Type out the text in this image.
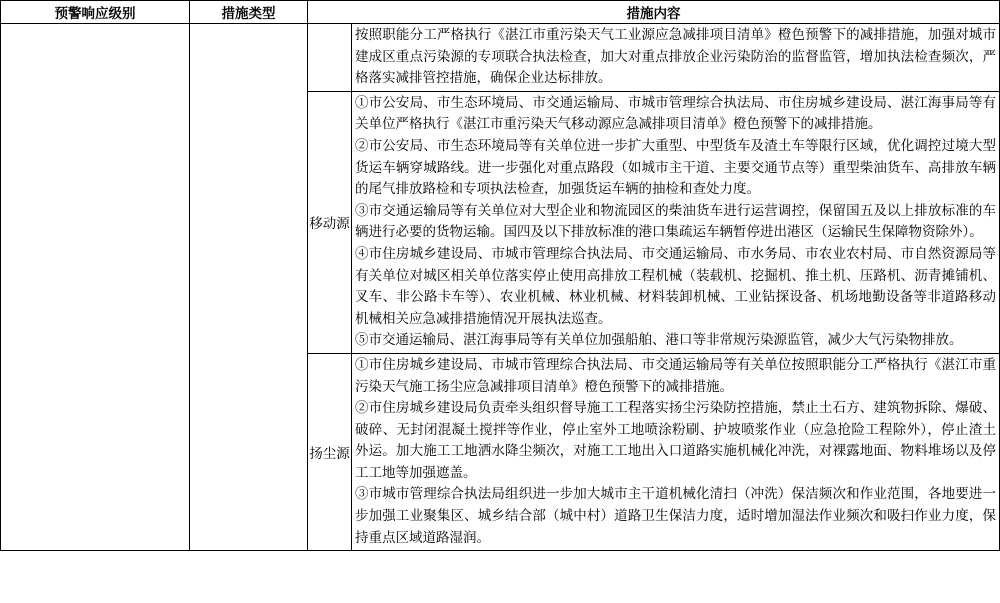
预警响应级别	措施类型	措施内容	

			按照职能分工严格执行《湛江市重污染天气工业源应急减排项目清单》橙色预警下的减排措施，加强对城市建成区重点污染源的专项联合执法检查，加大对重点排放企业污染防治的监督监管，增加执法检查频次，严格落实减排管控措施，确保企业达标排放。

		移动源	①市公安局、市生态环境局、市交通运输局、市城市管理综合执法局、市住房城乡建设局、湛江海事局等有关单位严格执行《湛江市重污染天气移动源应急减排项目清单》橙色预警下的减排措施。
②市公安局、市生态环境局等有关单位进一步扩大重型、中型货车及渣土车等限行区域，优化调控过境大型货运车辆穿城路线。进一步强化对重点路段（如城市主干道、主要交通节点等）重型柴油货车、高排放车辆的尾气排放路检和专项执法检查，加强货运车辆的抽检和查处力度。
③市交通运输局等有关单位对大型企业和物流园区的柴油货车进行运营调控，保留国五及以上排放标准的车辆进行必要的货物运输。国四及以下排放标准的港口集疏运车辆暂停进出港区（运输民生保障物资除外）。
④市住房城乡建设局、市城市管理综合执法局、市交通运输局、市水务局、市农业农村局、市自然资源局等有关单位对城区相关单位落实停止使用高排放工程机械（装载机、挖掘机、推土机、压路机、沥青摊铺机、叉车、非公路卡车等）、农业机械、林业机械、材料装卸机械、工业钻探设备、机场地勤设备等非道路移动机械相关应急减排措施情况开展执法巡查。
⑤市交通运输局、湛江海事局等有关单位加强船舶、港口等非常规污染源监管，减少大气污染物排放。

		扬尘源	①市住房城乡建设局、市城市管理综合执法局、市交通运输局等有关单位按照职能分工严格执行《湛江市重污染天气施工扬尘应急减排项目清单》橙色预警下的减排措施。
②市住房城乡建设局负责牵头组织督导施工工程落实扬尘污染防控措施，禁止土石方、建筑物拆除、爆破、破碎、无封闭混凝土搅拌等作业，停止室外工地喷涂粉刷、护坡喷浆作业（应急抢险工程除外），停止渣土外运。加大施工工地洒水降尘频次，对施工工地出入口道路实施机械化冲洗，对裸露地面、物料堆场以及停工工地等加强遮盖。
③市城市管理综合执法局组织进一步加大城市主干道机械化清扫（冲洗）保洁频次和作业范围，各地要进一步加强工业聚集区、城乡结合部（城中村）道路卫生保洁力度，适时增加湿法作业频次和吸扫作业力度，保持重点区域道路湿润。
